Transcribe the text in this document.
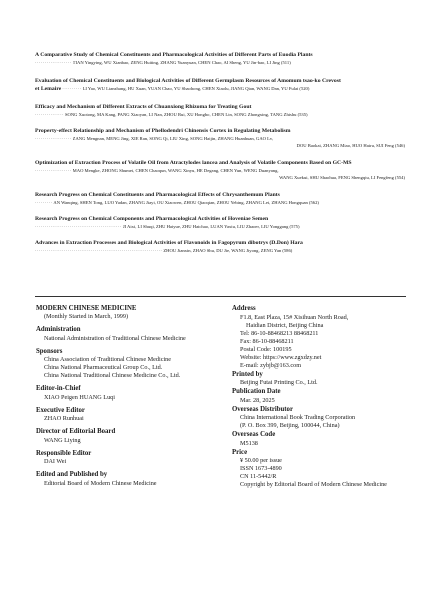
A Comparative Study of Chemical Constituents and Pharmacological Activities of Different Parts of Euodia Plants

··················· TIAN Yingying, WU Xianbao, ZENG Huiting, ZHANG Yuanyuan, CHEN Chao, AI Sheng, YU Jin-bao, LI Jing (511)

Evaluation of Chemical Constituents and Biological Activities of Different Germplasm Resources of Amomum tsao-ko Crevost

et Lemaire ·········· LI Yao, WU Lianzhang, HU Xuan, YUAN Chao, YU Shaohong, CHEN Xiaolu, JIANG Qian, WANG Dan, YU Fulai (520)

Efficacy and Mechanism of Different Extracts of Chuanxiong Rhizoma for Treating Gout

··············· SONG Xuotong, MA Kang, PANG Xiaoyan, LI Nan, ZHOU Rui, XU Hongbo, CHEN Lin, SONG Zhongxing, TANG Zhishu (535)

Property-effect Relationship and Mechanism of Phellodendri Chinensis Cortex in Regulating Metabolism

··················· ZANG Mengnan, MENG Jing, XIE Ran, SONG Qi, LIU Xing, SONG Haijin, ZHANG Huanhuan, GAO Lv,
DOU Baokai, ZHANG Miao, HUO Hairu, SUI Feng (546)

Optimization of Extraction Process of Volatile Oil from Atractylodes lancea and Analysis of Volatile Components Based on GC-MS

··················· MAO Mengke, ZHONG Shumei, CHEN Chaoqun, WANG Xinyu, HE Degang, CHEN Yun, WENG Duanyang,
WANG Xuekui, SHU Shaohua, FENG Shengqiu, LI Fengfeng (554)

Research Progress on Chemical Constituents and Pharmacological Effects of Chrysanthemum Plants

········· AN Wanqing, SHEN Tong, LUO Yadan, ZHANG Jiayi, OU Xiaowen, ZHOU Qiaoqian, ZHOU Yebing, ZHANG Lei, ZHANG Hongquan (562)

Research Progress on Chemical Components and Pharmacological Activities of Hoveniae Semen

············································· JI Aixi, LI Shuqi, ZHU Haiyue, ZHU Haichao, LUAN Yaxiu, LIU Zhaoer, LIU Yonggang (575)

Advances in Extraction Processes and Biological Activities of Flavonoids in Fagopyrum dibotrys (D.Don) Hara

·································································· ZHOU Jianxin, ZHAO Shu, DU Jie, WANG Jiyong, ZENG Yan (586)
MODERN CHINESE MEDICINE
(Monthly Started in March, 1999)
Administration
National Administration of Traditional Chinese Medicine
Sponsors
China Association of Traditional Chinese Medicine
China National Pharmaceutical Group Co., Ltd.
China National Traditional Chinese Medicine Co., Ltd.
Editor-in-Chief
XIAO Peigen HUANG Luqi
Executive Editor
ZHAO Runhuai
Director of Editorial Board
WANG Liying
Responsible Editor
DAI Wei
Edited and Published by
Editorial Board of Modern Chinese Medicine
Address
F1.8, East Plaza, 15# Xisihuan North Road,
Haidian District, Beijing China
Tel: 86-10-88468213 88468211
Fax: 86-10-88468211
Postal Code: 100195
Website: https://www.zgxdzy.net
E-mail: zybjb@163.com
Printed by
Beijing Futai Printing Co., Ltd.
Publication Date
Mar. 28, 2025
Overseas Distributor
China International Book Trading Corporation
(P. O. Box 399, Beijing, 100044, China)
Overseas Code
M5138
Price
¥ 50.00 per issue
ISSN 1673-4890
CN 11-5442/R
Copyright by Editorial Board of Modern Chinese Medicine
